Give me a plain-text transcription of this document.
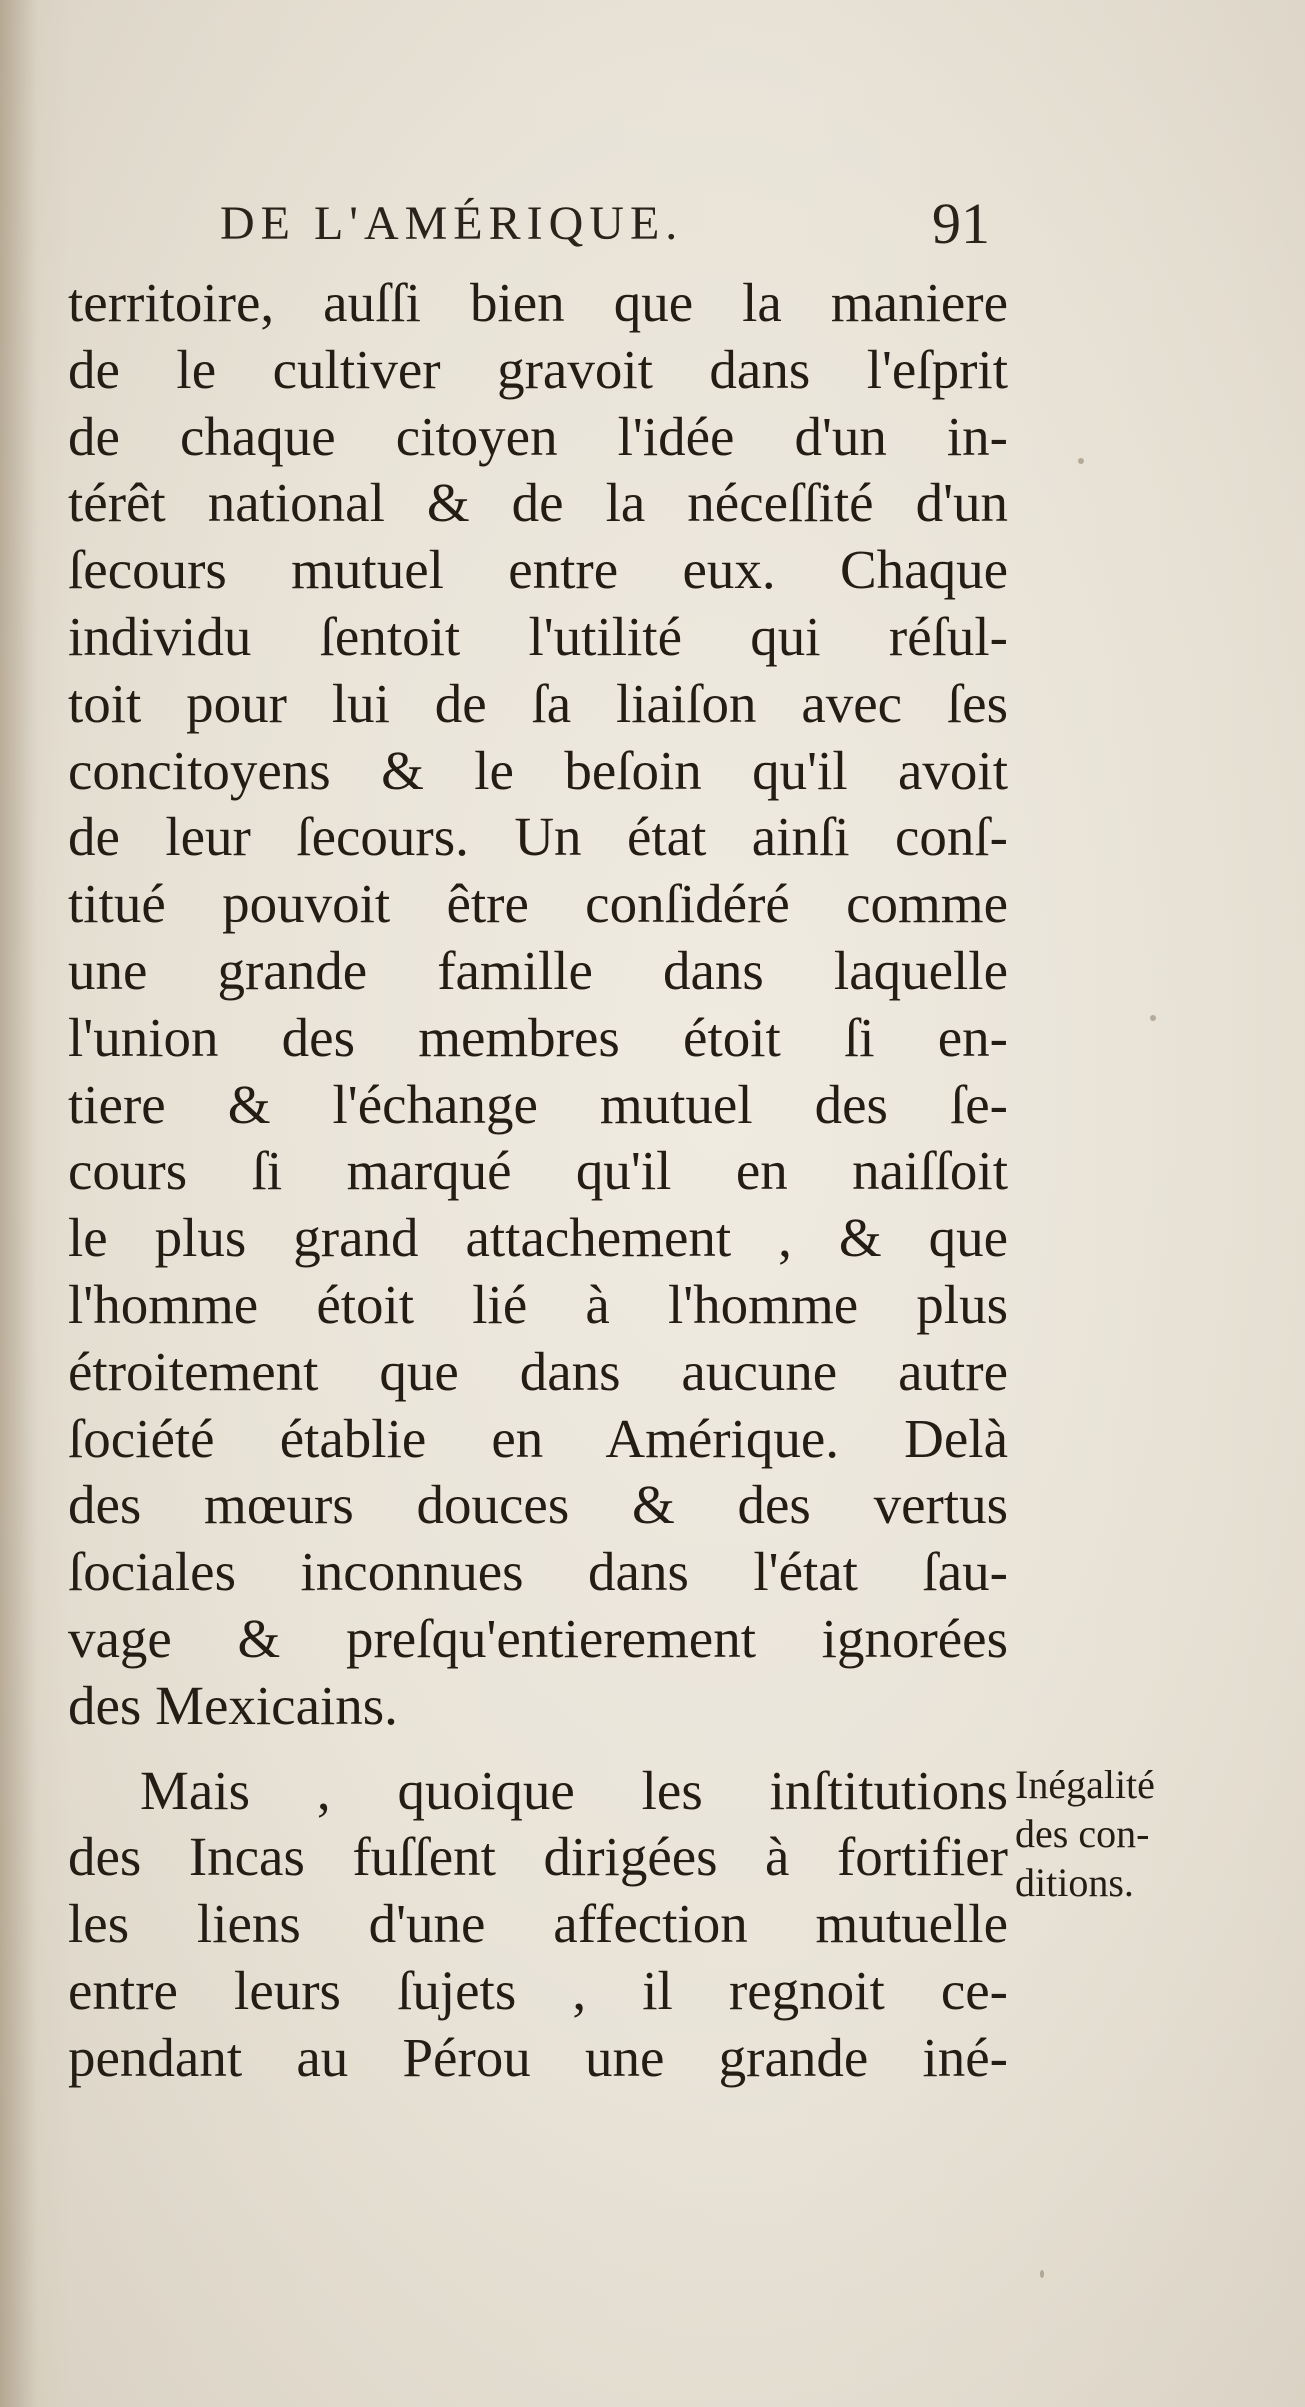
DE L'AMÉRIQUE.	91
territoire, auſſi bien que la maniere
de le cultiver gravoit dans l'eſprit
de chaque citoyen l'idée d'un in-
térêt national & de la néceſſité d'un
ſecours mutuel entre eux. Chaque
individu ſentoit l'utilité qui réſul-
toit pour lui de ſa liaiſon avec ſes
concitoyens & le beſoin qu'il avoit
de leur ſecours. Un état ainſi conſ-
titué pouvoit être conſidéré comme
une grande famille dans laquelle
l'union des membres étoit ſi en-
tiere & l'échange mutuel des ſe-
cours ſi marqué qu'il en naiſſoit
le plus grand attachement , & que
l'homme étoit lié à l'homme plus
étroitement que dans aucune autre
ſociété établie en Amérique. Delà
des mœurs douces & des vertus
ſociales inconnues dans l'état ſau-
vage & preſqu'entierement ignorées
des Mexicains.
Mais , quoique les inſtitutions
des Incas fuſſent dirigées à fortifier
les liens d'une affection mutuelle
entre leurs ſujets , il regnoit ce-
pendant au Pérou une grande iné-
Inégalité
des con-
ditions.
